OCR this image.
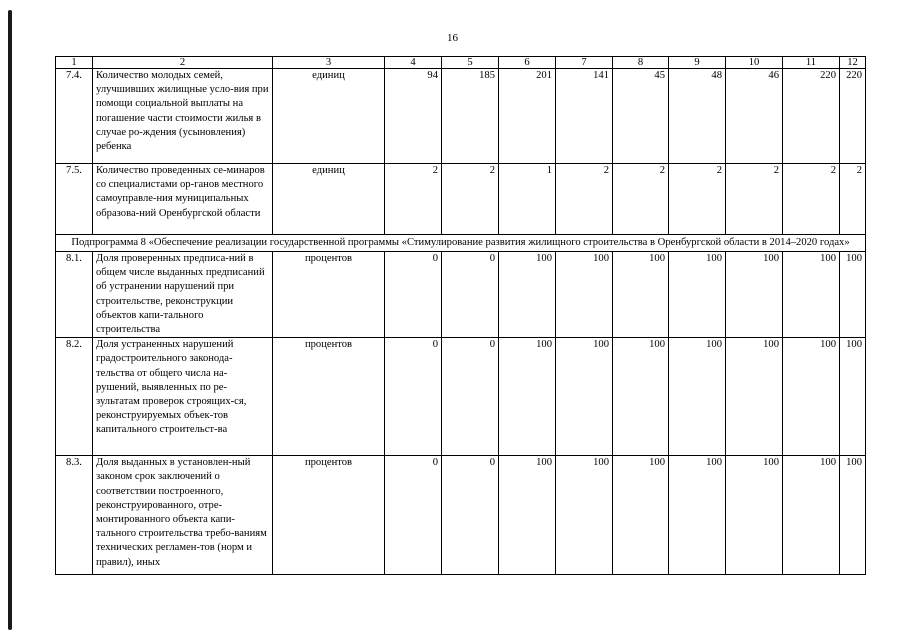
16
1	2	3	4	5	6	7	8	9	10	11	12
7.4.	Количество молодых семей, улучшивших жилищные усло-вия при помощи социальной выплаты на погашение части стоимости жилья в случае ро-ждения (усыновления) ребенка	единиц	94	185	201	141	45	48	46	220	220
7.5.	Количество проведенных се-минаров со специалистами ор-ганов местного самоуправле-ния муниципальных образова-ний Оренбургской области	единиц	2	2	1	2	2	2	2	2	2
Подпрограмма 8 «Обеспечение реализации государственной программы «Стимулирование развития жилищного строительства в Оренбургской области в 2014–2020 годах»											
8.1.	Доля проверенных предписа-ний в общем числе выданных предписаний об устранении нарушений при строительстве, реконструкции объектов капи-тального строительства	процентов	0	0	100	100	100	100	100	100	100
8.2.	Доля устраненных нарушений градостроительного законода-тельства от общего числа на-рушений, выявленных по ре-зультатам проверок строящих-ся, реконструируемых объек-тов капитального строительст-ва	процентов	0	0	100	100	100	100	100	100	100
8.3.	Доля выданных в установлен-ный законом срок заключений о соответствии построенного, реконструированного, отре-монтированного объекта капи-тального строительства требо-ваниям технических регламен-тов (норм и правил), иных	процентов	0	0	100	100	100	100	100	100	100
